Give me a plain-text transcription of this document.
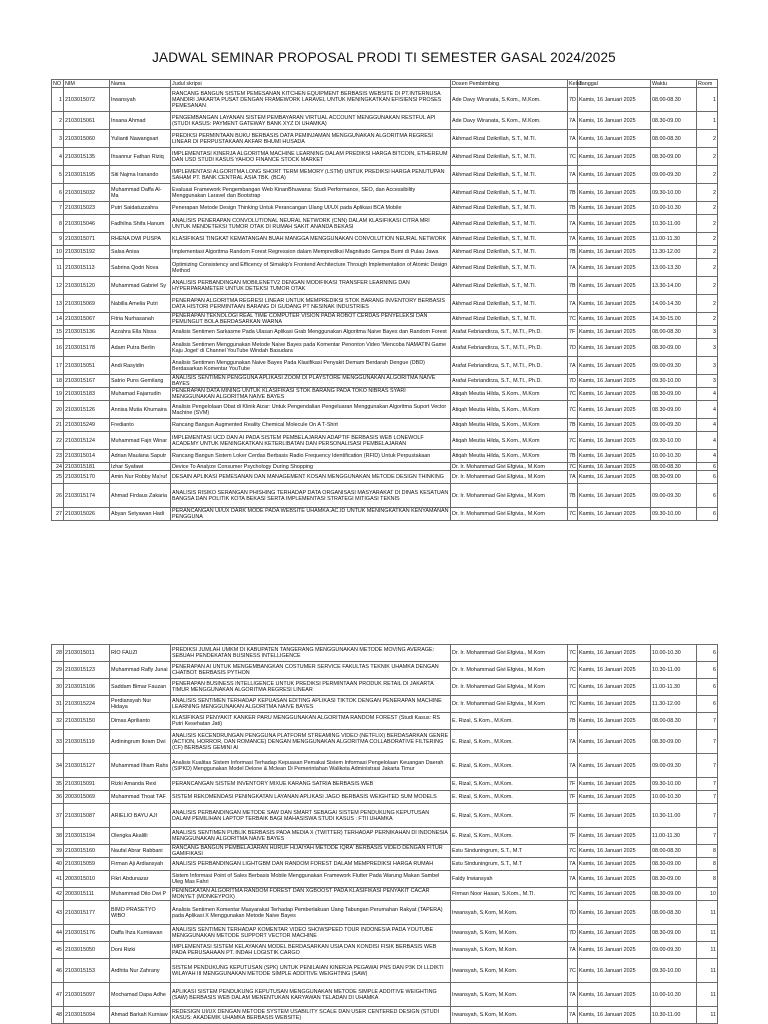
JADWAL SEMINAR PROPOSAL PRODI TI SEMESTER GASAL 2024/2025
NO	NIM	Nama	Judul skripsi	Dosen Pembimbing	Kelas	Tanggal	Waktu	Room
1	2103015072	Irwansyah	RANCANG BANGUN SISTEM PEMESANAN KITCHEN EQUIPMENT BERBASIS WEBSITE DI PT.INTERNUSA MANDIRI JAKARTA PUSAT DENGAN FRAMEWORK LARAVEL UNTUK MENINGKATKAN EFISIENSI PROSES PEMESANAN	Ade Davy Wiranata, S.Kom., M.Kom.	7D	Kamis, 16 Januari 2025	08.00-08.30	1
2	2103015061	Insana Ahmad	PENGEMBANGAN LAYANAN SISTEM PEMBAYARAN VIRTUAL ACCOUNT MENGGUNAKAN RESTFUL API (STUDI KASUS: PAYMENT GATEWAY BANK XYZ DI UHAMKA)	Ade Davy Wiranata, S.Kom., M.Kom.	7A	Kamis, 16 Januari 2025	08.30-09.00	1
3	2103015060	Yulianti Nawangsari	PREDIKSI PERMINTAAN BUKU BERBASIS DATA PEMINJAMAN MENGGUNAKAN ALGORITMA REGRESI LINEAR DI PERPUSTAKAAN AKFAR BHUMI HUSADA	Akhmad Rizal Dzikrillah, S.T., M.TI.	7A	Kamis, 16 Januari 2025	08.00-08.30	2
4	2103015135	Ihsannur Fathan Riziq	IMPLEMENTASI KINERJA ALGORITMA MACHINE LEARNING DALAM PREDIKSI HARGA BITCOIN, ETHEREUM DAN USD STUDI KASUS YAHOO FINANCE STOCK MARKET	Akhmad Rizal Dzikrillah, S.T., M.TI.	7C	Kamis, 16 Januari 2025	08.30-09.00	2
5	2103015195	Siti Najma Iranando	IMPLEMENTASI ALGORITMA LONG SHORT TERM MEMORY (LSTM) UNTUK PREDIKSI HARGA PENUTUPAN SAHAM PT. BANK CENTRAL ASIA TBK. (BCA)	Akhmad Rizal Dzikrillah, S.T., M.TI.	7A	Kamis, 16 Januari 2025	09.00-09.30	2
6	2103015032	Muhammad Daffa Al-Ma	Evaluasi Framework Pengembangan Web KinanBhuwana: Studi Performance, SEO, dan Accessibility Menggunakan Laravel dan Bootstrap	Akhmad Rizal Dzikrillah, S.T., M.TI.	7B	Kamis, 16 Januari 2025	09.30-10.00	2
7	2103015023	Putri Saidatuzzahra	Penerapan Metode Design Thinking Untuk Perancangan Ulang UI/UX pada Aplikasi BCA Mobile	Akhmad Rizal Dzikrillah, S.T., M.TI.	7B	Kamis, 16 Januari 2025	10.00-10.30	2
8	2103015046	Fadhilna Shifa Hanum	ANALISIS PENERAPAN CONVOLUTIONAL NEURAL NETWORK (CNN) DALAM KLASIFIKASI CITRA MRI UNTUK MENDETEKSI TUMOR OTAK DI RUMAH SAKIT ANANDA BEKASI	Akhmad Rizal Dzikrillah, S.T., M.TI.	7A	Kamis, 16 Januari 2025	10.30-11.00	2
9	2103015071	RHENA DWI PUSPA	KLASIFIKASI TINGKAT KEMATANGAN BUAH MANGGA MENGGUNAKAN CONVOLUTION NEURAL NETWORK	Akhmad Rizal Dzikrillah, S.T., M.TI.	7A	Kamis, 16 Januari 2025	11.00-11.30	2
10	2103015192	Salsa Anisa	Implementasi Algoritma Random Forest Regression dalam Memprediksi Magnitudo Gempa Bumi di Pulau Jawa	Akhmad Rizal Dzikrillah, S.T., M.TI.	7B	Kamis, 16 Januari 2025	11.30-12.00	2
11	2103015113	Sabrina Qodri Nova	Optimizing Consistency and Efficency of Simakip's Frontend Architecture Through Implementation of Atomic Design Method	Akhmad Rizal Dzikrillah, S.T., M.TI.	7A	Kamis, 16 Januari 2025	13.00-13.30	2
12	2103015120	Muhammad Gabriel Sy	ANALISIS PERBANDINGAN MOBILENETV2 DENGAN MODIFIKASI TRANSFER LEARNING DAN HYPERPARAMETER UNTUK DETEKSI TUMOR OTAK	Akhmad Rizal Dzikrillah, S.T., M.TI.	7B	Kamis, 16 Januari 2025	13.30-14.00	2
13	2103015069	Nabilla Amelia Putri	PENERAPAN ALGORITMA REGRESI LINEAR UNTUK MEMPREDIKSI STOK BARANG INVENTORY BERBASIS DATA HISTORI PERMINTAAN BARANG DI GUDANG PT NESINAK INDUSTRIES	Akhmad Rizal Dzikrillah, S.T., M.TI.	7A	Kamis, 16 Januari 2025	14.00-14.30	2
14	2103015067	Fitria Nurhasanah	PENERAPAN TEKNOLOGI REAL TIME COMPUTER VISION PADA ROBOT CERDAS PENYELEKSI DAN PEMUNGUT BOLA BERDASARKAN WARNA	Akhmad Rizal Dzikrillah, S.T., M.TI.	7C	Kamis, 16 Januari 2025	14.30-15.00	2
15	2103015136	Azzahra Ella Nissa	Analisis Sentimen Sarkasme Pada Ulasan Aplikasi Grab Menggunakan Algoritma Naive Bayes dan Random Forest	Arafat Febriandirza, S.T., M.TI., Ph.D.	7F	Kamis, 16 Januari 2025	08.00-08.30	3
16	2103015178	Adam Putra Berlin	Analisis Sentimen Menggunakan Metode Naive Bayes pada Komentar Penonton Video 'Mencoba NAMATIN Game Kaju Joget' di Channel YouTube Windah Basudara	Arafat Febriandirza, S.T., M.TI., Ph.D.	7D	Kamis, 16 Januari 2025	08.30-09.00	3
17	2103015051	Andi Rasyidin	Analisis Sentimen Menggunakan Naive Bayes Pada Klasifikasi Penyakit Demam Berdarah Dengue (DBD) Berdasarkan Komentar YouTube	Arafat Febriandirza, S.T., M.TI., Ph.D.	7A	Kamis, 16 Januari 2025	09.00-09.30	3
18	2103015167	Satrio Puns Gemilang	ANALISIS SENTIMEN PENGGUNA APLIKASI ZOOM DI PLAYSTORE MENGGUNAKAN ALGORITMA NAIVE BAYES	Arafat Febriandirza, S.T., M.TI., Ph.D.	7D	Kamis, 16 Januari 2025	09.30-10.00	3
19	2103015183	Muhamad Fajarrudin	PENERAPAN DATA MINING UNTUK KLASIFIKASI STOK BARANG PADA TOKO NIBRAS SYARI MENGGUNAKAN ALGORITMA NAIVE BAYES	Atiqah Meutia Hilda, S.Kom., M.Kom	7C	Kamis, 16 Januari 2025	08.30-09.00	4
20	2103015126	Annisa Mutia Khumaira	Analisis Pengelolaan Obat di Klinik Aizar: Untuk Pengendalian Pengeluaran Menggunakan Algoritma Suport Vector Machine (SVM)	Atiqah Meutia Hilda, S.Kom., M.Kom	7C	Kamis, 16 Januari 2025	08.30-09.00	4
21	2103015249	Fredianto	Rancang Bangun Augmented Reality Chemical Molecule On A T-Shirt	Atiqah Meutia Hilda, S.Kom., M.Kom	7B	Kamis, 16 Januari 2025	09.00-09.30	4
22	2103015124	Muhammad Fajri Winar	IMPLEMENTASI UCD DAN AI PADA SISTEM PEMBELAJARAN ADAPTIF BERBASIS WEB LONEWOLF ACADEMY UNTUK MENINGKATKAN KETERLIBATAN DAN PERSONALISASI PEMBELAJARAN	Atiqah Meutia Hilda, S.Kom., M.Kom	7C	Kamis, 16 Januari 2025	09.30-10.00	4
23	2103015014	Adrian Maulana Saputr	Rancang Bangun Sistem Loker Cerdas Berbasis Radio Frequency Identification (RFID) Untuk Perpustakaan	Atiqah Meutia Hilda, S.Kom., M.Kom	7B	Kamis, 16 Januari 2025	10.00-10.30	4
24	2103015181	Izhar Syafawi	Device To Analyze Consumer Psychology During Shopping	Dr. Ir. Mohammad Givi Efgivia., M.Kom	7C	Kamis, 16 Januari 2025	08.00-08.30	6
25	2103015170	Amin Nur Robby Ma'ruf	DESAIN APLIKASI PEMESANAN DAN MANAGEMENT KOSAN MENGGUNAKAN METODE DESIGN THINKING	Dr. Ir. Mohammad Givi Efgivia., M.Kom	7A	Kamis, 16 Januari 2025	08.30-09.00	6
26	2103015174	Ahmad Firdaus Zakaria	ANALISIS RISIKO SERANGAN PHISHING TERHADAP DATA ORGANISASI MASYARAKAT DI DINAS KESATUAN BANGSA DAN POLITIK KOTA BEKASI SERTA IMPLEMENTASI STRATEGI MITIGASI TEKNIS	Dr. Ir. Mohammad Givi Efgivia., M.Kom	7B	Kamis, 16 Januari 2025	09.00-09.30	6
27	2103015026	Abyan Setyawan Hadi	PERANCANGAN UI/UX DARK MODE PADA WEBSITE UHAMKA.AC.ID UNTUK MENINGKATKAN KENYAMANAN PENGGUNA	Dr. Ir. Mohammad Givi Efgivia., M.Kom	7C	Kamis, 16 Januari 2025	09.30-10.00	6
28	2103015011	RIO FAUZI	PREDIKSI JUMLAH UMKM DI KABUPATEN TANGERANG MENGGUNAKAN METODE MOVING AVERAGE: SEBUAH PENDEKATAN BUSINESS INTELLIGENCE	Dr. Ir. Mohammad Givi Efgivia., M.Kom	7C	Kamis, 16 Januari 2025	10.00-10.30	6
29	2103015123	Muhammad Rafly Junai	PENERAPAN AI UNTUK MENGEMBANGKAN COSTUMER SERVICE FAKULTAS TEKNIK UHAMKA DENGAN CHATBOT BERBASIS PYTHON	Dr. Ir. Mohammad Givi Efgivia., M.Kom	7C	Kamis, 16 Januari 2025	10.30-11.00	6
30	2103015106	Saddam Bimar Fauzan	PENERAPAN BUSINESS INTELLIGENCE UNTUK PREDIKSI PERMINTAAN PRODUK RETAIL DI JAKARTA TIMUR MENGGUNAKAN ALGORITMA REGRESI LINEAR	Dr. Ir. Mohammad Givi Efgivia., M.Kom	7C	Kamis, 16 Januari 2025	11.00-11.30	6
31	2103015224	Perdiansyah Nur Hidaya	ANALISIS SENTIMEN TERHADAP KEPUASAN EDITING APLIKASI TIKTOK DENGAN PENERAPAN MACHINE LEARNING MENGGUNAKAN ALGORITMA NAIVE BAYES	Dr. Ir. Mohammad Givi Efgivia., M.Kom	7C	Kamis, 16 Januari 2025	11.30-12.00	6
32	2103015150	Dimas Aprilianto	KLASIFIKASI PENYAKIT KANKER PARU MENGGUNAKAN ALGORITMA RANDOM FOREST (Studi Kasus: RS Putri Kesehatan Jati)	E. Rizal, S.Kom., M.Kom.	7B	Kamis, 16 Januari 2025	08.00-08.30	7
33	2103015119	Ardiningrum Ikram Dwi	ANALISIS KECENDRUNGAN PENGGUNA PLATFORM STREAMING VIDEO (NETFLIX) BERDASARKAN GENRE (ACTION, HORROR, DAN ROMANCE) DENGAN MENGGUNAKAN ALGORITMA COLLABORATIVE FILTERING (CF) BERBASIS GEMINI AI	E. Rizal, S.Kom., M.Kom.	7A	Kamis, 16 Januari 2025	08.30-09.00	7
34	2103015127	Muhammad Ilham Rahs	Analisis Kualitas Sistem Informasi Terhadap Kepuasan Pemakai Sistem Informasi Pengelolaan Keuangan Daerah (SIPKD) Menggunakan Model Delone & Mclean Di Pemerintahan Walikota Administrasi Jakarta Timur	E. Rizal, S.Kom., M.Kom.	7A	Kamis, 16 Januari 2025	09.00-09.30	7
35	2103015091	Rizki Amanda Rexi	PERANCANGAN SISTEM INVENTORY MIXUE KARANG SATRIA BERBASIS WEB	E. Rizal, S.Kom., M.Kom.	7F	Kamis, 16 Januari 2025	09.30-10.00	7
36	2003015069	Muhammad Thoat TAF	SISTEM REKOMENDASI PENINGKATAN LAYANAN APLIKASI JAGO BERBASIS WEIGHTED SUM MODELS	E. Rizal, S.Kom., M.Kom.	7F	Kamis, 16 Januari 2025	10.00-10.30	7
37	2103015087	ARIELIO BAYU AJI	ANALISIS PERBANDINGAN METODE SAW DAN SMART SEBAGAI SISTEM PENDUKUNG KEPUTUSAN DALAM PEMILIHAN LAPTOP TERBAIK BAGI MAHASISWA STUDI KASUS : FTII UHAMKA	E. Rizal, S.Kom., M.Kom.	7F	Kamis, 16 Januari 2025	10.30-11.00	7
38	2103015194	Olengka Akalilli	ANALISIS SENTIMEN PUBLIK BERBASIS PADA MEDIA X (TWITTER) TERHADAP PERNIKAHAN DI INDONESIA MENGGUNAKAN ALGORITMA NAIVE BAYES	E. Rizal, S.Kom., M.Kom.	7F	Kamis, 16 Januari 2025	11.00-11.30	7
39	2103015160	Naufal Abrar Rabbani	RANCANG BANGUN PEMBELAJARAN HURUF HIJAIYAH METODE IQRA' BERBASIS VIDEO DENGAN FITUR GAMIFIKASI	Estu Sinduningrum, S.T., M.T	7C	Kamis, 16 Januari 2025	08.00-08.30	8
40	2103015059	Firman Aji Ardiansyah	ANALISIS PERBANDINGAN LIGHTGBM DAN RANDOM FOREST DALAM MEMPREDIKSI HARGA RUMAH	Estu Sinduningrum, S.T., M.T	7A	Kamis, 16 Januari 2025	08.30-09.00	8
41	2003015010	Fikri Abdunazar	Sistem Informasi Point of Sales Berbasis Mobile Menggunakan Framework Flutter Pada Warung Makan Sambel Uleg Mas Fahri	Faldy Irwiansyah	7A	Kamis, 16 Januari 2025	08.30-09.00	8
42	2003015111	Muhammad Dito Dwi P	PENINGKATAN ALGORITMA RANDOM FOREST DAN XGBOOST PADA KLASIFIKASI PENYAKIT CACAR MONYET (MONKEYPOX)	Firman Noor Hasan, S.Kom., M.TI.	7C	Kamis, 16 Januari 2025	08.30-09.00	10
43	2103015177	BIMO PRASETYO WIBO	Analisis Sentimen Komentar Masyarakat Terhadap Pemberlakuan Uang Tabungan Perumahan Rakyat (TAPERA) pada Aplikasi X Menggunakan Metode Naive Bayes	Irwansyah, S.Kom, M.Kom.	7D	Kamis, 16 Januari 2025	08.00-08.30	11
44	2103015176	Daffa Ihza Kurniawan	ANALISIS SENTIMEN TERHADAP KOMENTAR VIDEO SHOWSPEED TOUR INDONESIA PADA YOUTUBE MENGGUNAKAN METODE SUPPORT VECTOR MACHINE	Irwansyah, S.Kom, M.Kom.	7D	Kamis, 16 Januari 2025	08.30-09.00	11
45	2103015050	Doni Rizki	IMPLEMENTASI SISTEM KELAYAKAN MODEL BERDASARKAN USIA DAN KONDISI FISIK BERBASIS WEB PADA PERUSAHAAN PT. INDAH LOGISTIK CARGO	Irwansyah, S.Kom, M.Kom.	7A	Kamis, 16 Januari 2025	09.00-09.30	11
46	2103015153	Ardhita Nur Zahrany	SISTEM PENDUKUNG KEPUTUSAN (SPK) UNTUK PENILAIAN KINERJA PEGAWAI PNS DAN P3K DI LLDIKTI WILAYAH III MENGGUNAKAN METODE SIMPLE ADDITIVE WEIGHTING (SAW)	Irwansyah, S.Kom, M.Kom.	7C	Kamis, 16 Januari 2025	09.30-10.00	11
47	2103015097	Mochamad Dapa Adhe	APLIKASI SISTEM PENDUKUNG KEPUTUSAN MENGGUNAKAN METODE SIMPLE ADDITIVE WEIGHTING (SAW) BERBASIS WEB DALAM MENENTUKAN KARYAWAN TELADAN DI UHAMKA	Irwansyah, S.Kom, M.Kom.	7A	Kamis, 16 Januari 2025	10.00-10.30	11
48	2103015094	Ahmad Barkah Kurniaw	REDESIGN UI/UX DENGAN METODE SYSTEM USABILITY SCALE DAN USER CENTERED DESIGN (STUDI KASUS: AKADEMIK UHAMKA BERBASIS WEBSITE)	Irwansyah, S.Kom, M.Kom.	7A	Kamis, 16 Januari 2025	10.30-11.00	11
